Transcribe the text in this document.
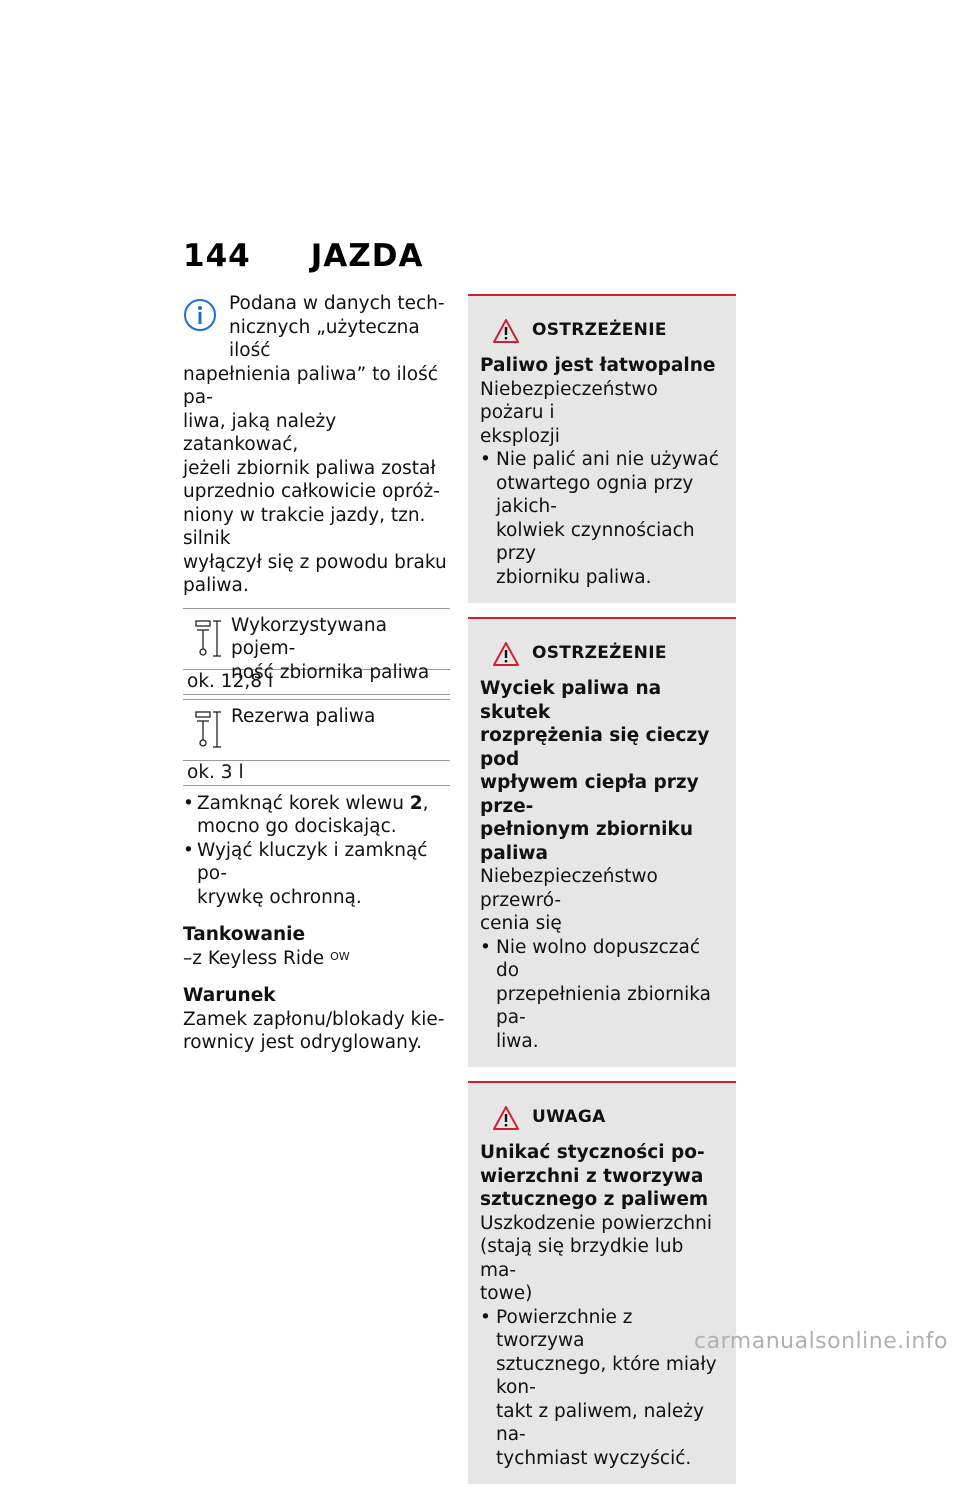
144 JAZDA
Podana w danych tech-
nicznych „użyteczna ilość
napełnienia paliwa” to ilość pa-
liwa, jaką należy zatankować,
jeżeli zbiornik paliwa został
uprzednio całkowicie opróż-
niony w trakcie jazdy, tzn. silnik
wyłączył się z powodu braku
paliwa.
Wykorzystywana pojem-
ność zbiornika paliwa
ok. 12,8 l
Rezerwa paliwa
ok. 3 l
• Zamknąć korek wlewu 2,
mocno go dociskając.
• Wyjąć kluczyk i zamknąć po-
krywkę ochronną.
Tankowanie
–z Keyless Ride $^{OW}$
Warunek
Zamek zapłonu/blokady kie-
rownicy jest odryglowany.
OSTRZEŻENIE
Paliwo jest łatwopalne
Niebezpieczeństwo pożaru i
eksplozji
• Nie palić ani nie używać
otwartego ognia przy jakich-
kolwiek czynnościach przy
zbiorniku paliwa.
OSTRZEŻENIE
Wyciek paliwa na skutek
rozprężenia się cieczy pod
wpływem ciepła przy prze-
pełnionym zbiorniku paliwa
Niebezpieczeństwo przewró-
cenia się
• Nie wolno dopuszczać do
przepełnienia zbiornika pa-
liwa.
UWAGA
Unikać styczności po-
wierzchni z tworzywa
sztucznego z paliwem
Uszkodzenie powierzchni
(stają się brzydkie lub ma-
towe)
• Powierzchnie z tworzywa
sztucznego, które miały kon-
takt z paliwem, należy na-
tychmiast wyczyścić.
carmanualsonline.info
